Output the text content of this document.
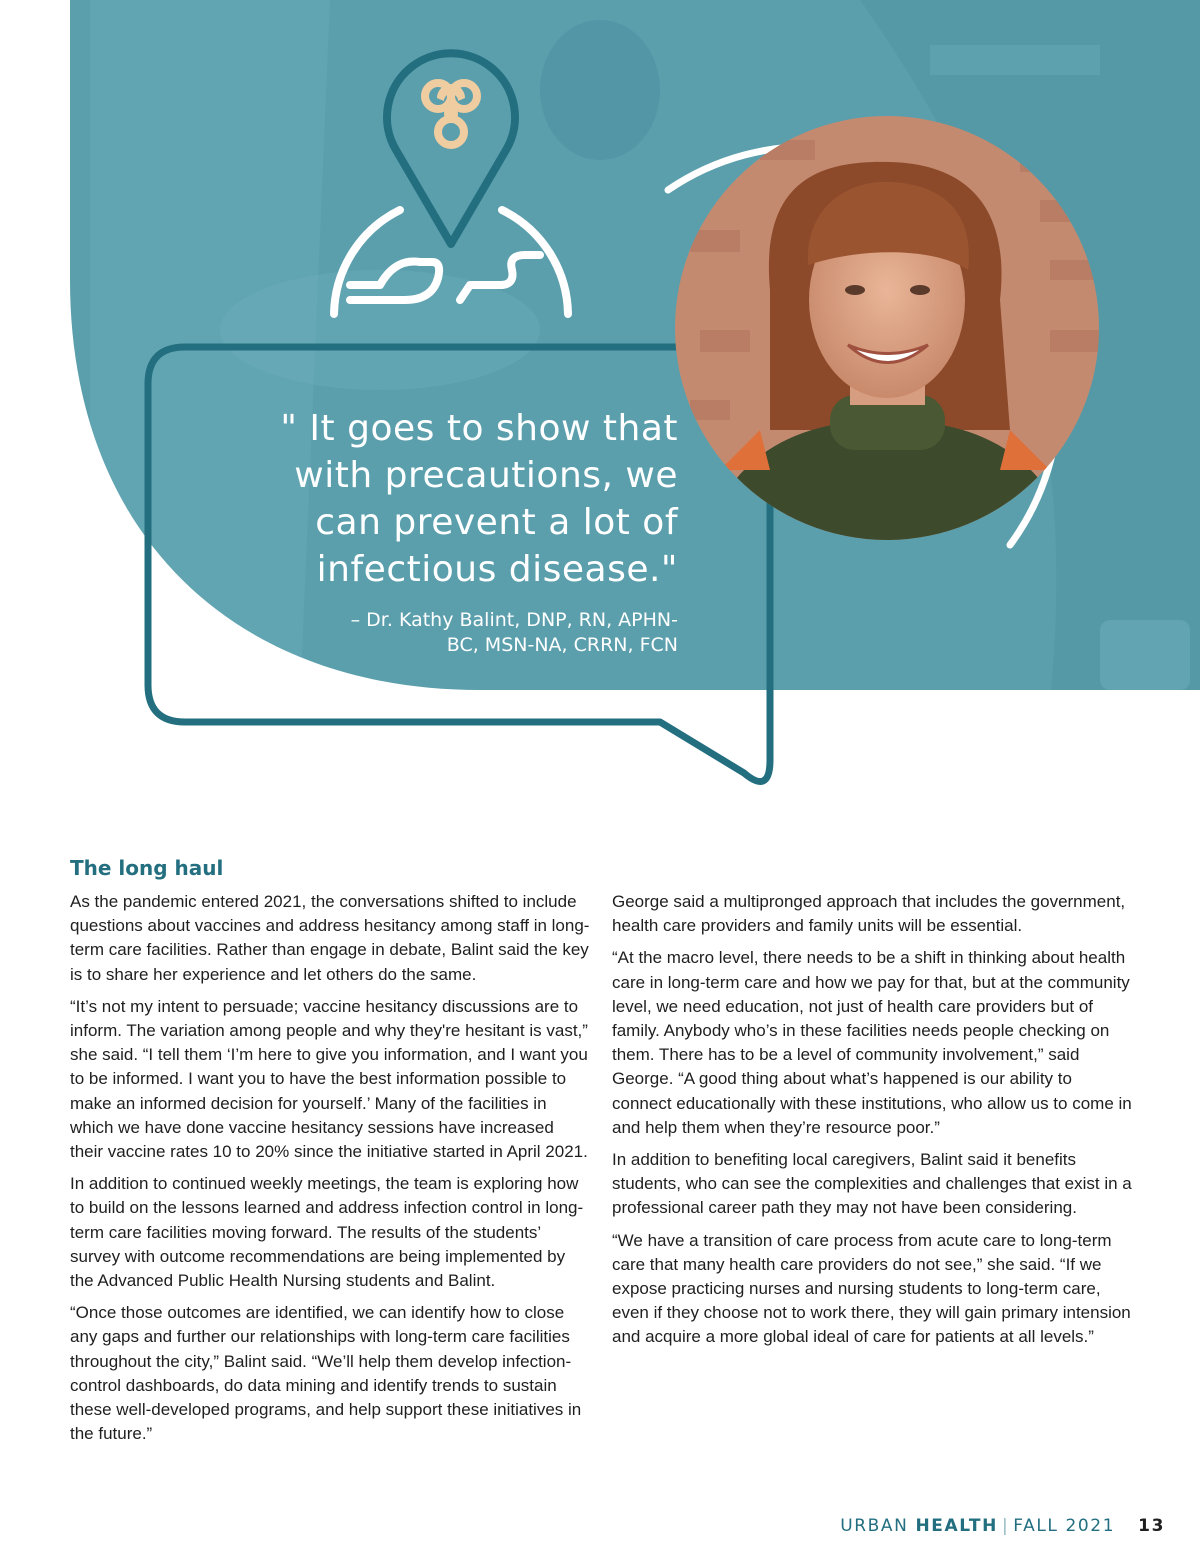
" It goes to show that
with precautions, we
can prevent a lot of
infectious disease."
– Dr. Kathy Balint, DNP, RN, APHN-
BC, MSN-NA, CRRN, FCN
The long haul

As the pandemic entered 2021, the conversations shifted to include questions about vaccines and address hesitancy among staff in long-term care facilities. Rather than engage in debate, Balint said the key is to share her experience and let others do the same.

“It’s not my intent to persuade; vaccine hesitancy discussions are to inform. The variation among people and why they're hesitant is vast,” she said. “I tell them ‘I’m here to give you information, and I want you to be informed. I want you to have the best information possible to make an informed decision for yourself.’ Many of the facilities in which we have done vaccine hesitancy sessions have increased their vaccine rates 10 to 20% since the initiative started in April 2021.

In addition to continued weekly meetings, the team is exploring how to build on the lessons learned and address infection control in long-term care facilities moving forward. The results of the students’ survey with outcome recommendations are being implemented by the Advanced Public Health Nursing students and Balint.

“Once those outcomes are identified, we can identify how to close any gaps and further our relationships with long-term care facilities throughout the city,” Balint said. “We’ll help them develop infection-control dashboards, do data mining and identify trends to sustain these well-developed programs, and help support these initiatives in the future.”

George said a multipronged approach that includes the government, health care providers and family units will be essential.

“At the macro level, there needs to be a shift in thinking about health care in long-term care and how we pay for that, but at the community level, we need education, not just of health care providers but of family. Anybody who’s in these facilities needs people checking on them. There has to be a level of community involvement,” said George. “A good thing about what’s happened is our ability to connect educationally with these institutions, who allow us to come in and help them when they’re resource poor.”

In addition to benefiting local caregivers, Balint said it benefits students, who can see the complexities and challenges that exist in a professional career path they may not have been considering.

“We have a transition of care process from acute care to long-term care that many health care providers do not see,” she said. “If we expose practicing nurses and nursing students to long-term care, even if they choose not to work there, they will gain primary intension and acquire a more global ideal of care for patients at all levels.”

URBAN HEALTH | FALL 2021 13
